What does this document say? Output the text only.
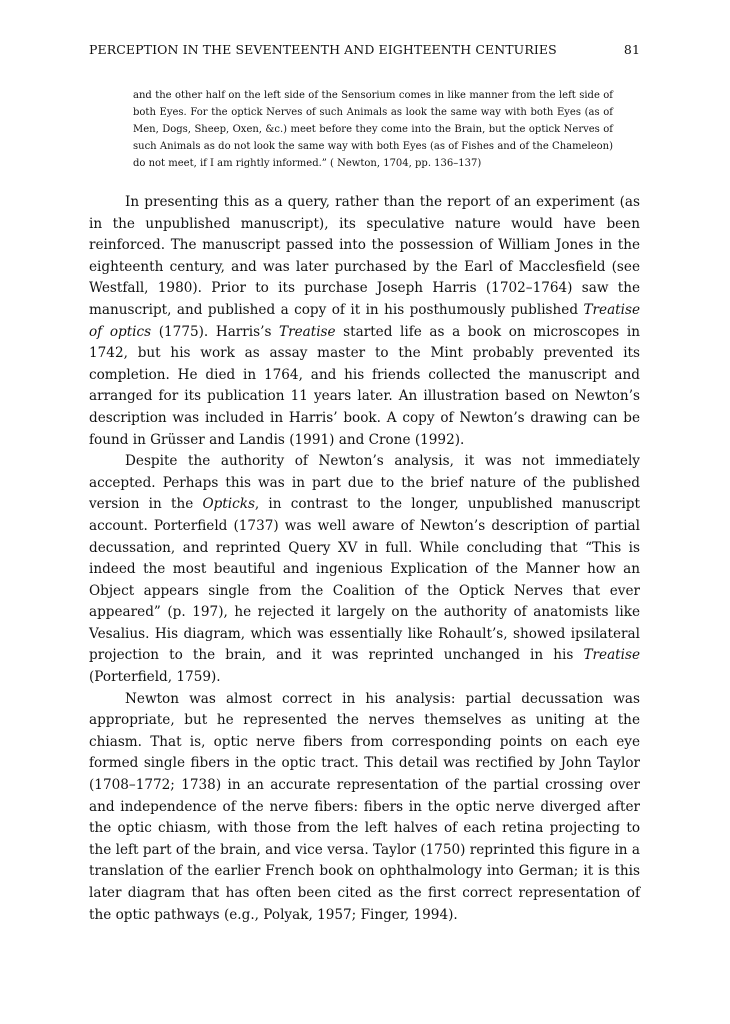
PERCEPTION IN THE SEVENTEENTH AND EIGHTEENTH CENTURIES	81
and the other half on the left side of the Sensorium comes in like manner from the left side of both Eyes. For the optick Nerves of such Animals as look the same way with both Eyes (as of Men, Dogs, Sheep, Oxen, &c.) meet before they come into the Brain, but the optick Nerves of such Animals as do not look the same way with both Eyes (as of Fishes and of the Chameleon) do not meet, if I am rightly informed.” ( Newton, 1704, pp. 136–137)

In presenting this as a query, rather than the report of an experiment (as in the unpublished manuscript), its speculative nature would have been reinforced. The manuscript passed into the possession of William Jones in the eighteenth century, and was later purchased by the Earl of Macclesfield (see Westfall, 1980). Prior to its purchase Joseph Harris (1702–1764) saw the manuscript, and published a copy of it in his posthumously published Treatise of optics (1775). Harris’s Treatise started life as a book on microscopes in 1742, but his work as assay master to the Mint probably prevented its completion. He died in 1764, and his friends collected the manuscript and arranged for its publication 11 years later. An illustration based on Newton’s description was included in Harris’ book. A copy of Newton’s drawing can be found in Grüsser and Landis (1991) and Crone (1992).

Despite the authority of Newton’s analysis, it was not immediately accepted. Perhaps this was in part due to the brief nature of the published version in the Opticks, in contrast to the longer, unpublished manuscript account. Porterfield (1737) was well aware of Newton’s description of partial decussation, and reprinted Query XV in full. While concluding that “This is indeed the most beautiful and ingenious Explication of the Manner how an Object appears single from the Coalition of the Optick Nerves that ever appeared” (p. 197), he rejected it largely on the authority of anatomists like Vesalius. His diagram, which was essentially like Rohault’s, showed ipsilateral projection to the brain, and it was reprinted unchanged in his Treatise (Porterfield, 1759).

Newton was almost correct in his analysis: partial decussation was appropriate, but he represented the nerves themselves as uniting at the chiasm. That is, optic nerve fibers from corresponding points on each eye formed single fibers in the optic tract. This detail was rectified by John Taylor (1708–1772; 1738) in an accurate representation of the partial crossing over and independence of the nerve fibers: fibers in the optic nerve diverged after the optic chiasm, with those from the left halves of each retina projecting to the left part of the brain, and vice versa. Taylor (1750) reprinted this figure in a translation of the earlier French book on ophthalmology into German; it is this later diagram that has often been cited as the first correct representation of the optic pathways (e.g., Polyak, 1957; Finger, 1994).
